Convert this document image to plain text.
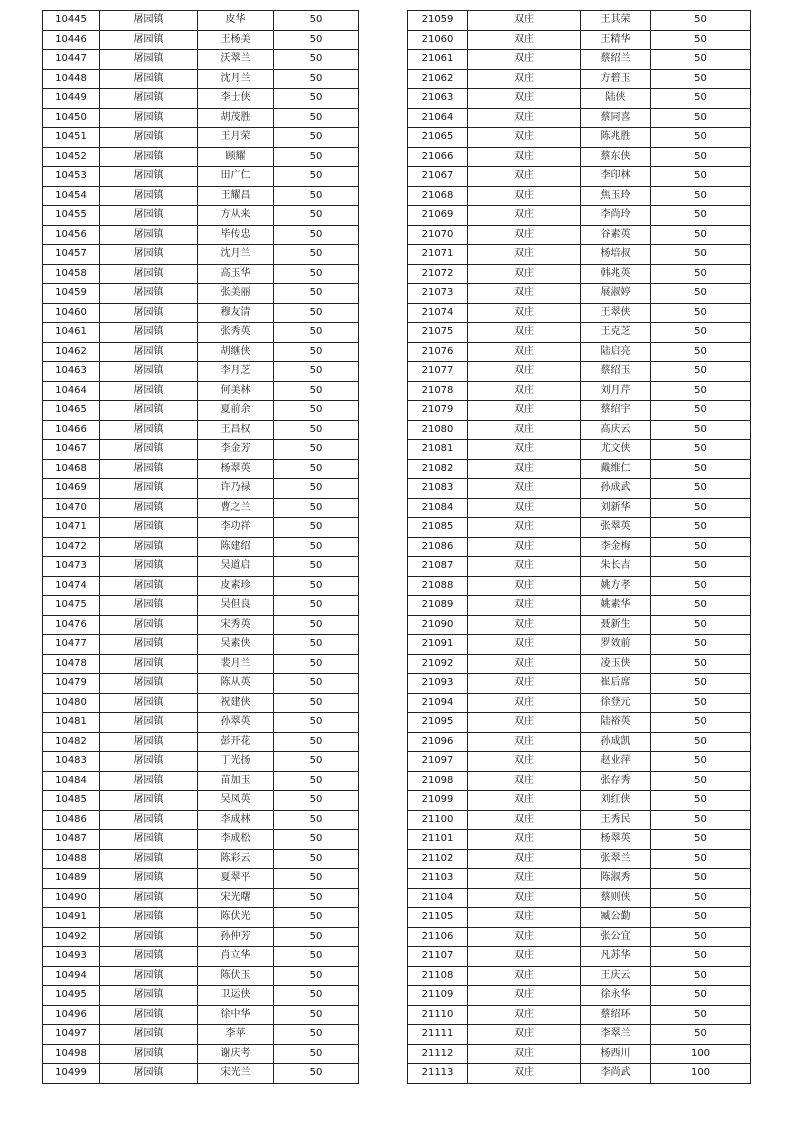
10445	屠园镇	皮华	50
10446	屠园镇	王杨美	50
10447	屠园镇	沃翠兰	50
10448	屠园镇	沈月兰	50
10449	屠园镇	李士侠	50
10450	屠园镇	胡茂胜	50
10451	屠园镇	王月荣	50
10452	屠园镇	顾耀	50
10453	屠园镇	田广仁	50
10454	屠园镇	王耀昌	50
10455	屠园镇	方从来	50
10456	屠园镇	毕传忠	50
10457	屠园镇	沈月兰	50
10458	屠园镇	高玉华	50
10459	屠园镇	张美丽	50
10460	屠园镇	穆友清	50
10461	屠园镇	张秀英	50
10462	屠园镇	胡继侠	50
10463	屠园镇	李月芝	50
10464	屠园镇	何美林	50
10465	屠园镇	夏前余	50
10466	屠园镇	王昌权	50
10467	屠园镇	李金芳	50
10468	屠园镇	杨翠英	50
10469	屠园镇	许乃禄	50
10470	屠园镇	曹之兰	50
10471	屠园镇	李功祥	50
10472	屠园镇	陈建绍	50
10473	屠园镇	吴道启	50
10474	屠园镇	皮素珍	50
10475	屠园镇	吴但良	50
10476	屠园镇	宋秀英	50
10477	屠园镇	吴素侠	50
10478	屠园镇	裴月兰	50
10479	屠园镇	陈从英	50
10480	屠园镇	祝建侠	50
10481	屠园镇	孙翠英	50
10482	屠园镇	彭开花	50
10483	屠园镇	丁光扬	50
10484	屠园镇	苗加玉	50
10485	屠园镇	吴凤英	50
10486	屠园镇	李成林	50
10487	屠园镇	李成松	50
10488	屠园镇	陈彩云	50
10489	屠园镇	夏翠平	50
10490	屠园镇	宋光曙	50
10491	屠园镇	陈伏光	50
10492	屠园镇	孙仲芳	50
10493	屠园镇	肖立华	50
10494	屠园镇	陈伏玉	50
10495	屠园镇	卫运侠	50
10496	屠园镇	徐中华	50
10497	屠园镇	李苹	50
10498	屠园镇	谢庆考	50
10499	屠园镇	宋光兰	50
21059	双庄	王其荣	50
21060	双庄	王精华	50
21061	双庄	蔡绍兰	50
21062	双庄	方碧玉	50
21063	双庄	陆侠	50
21064	双庄	蔡同喜	50
21065	双庄	陈兆胜	50
21066	双庄	蔡东侠	50
21067	双庄	李印林	50
21068	双庄	焦玉玲	50
21069	双庄	李尚玲	50
21070	双庄	谷素英	50
21071	双庄	杨培叔	50
21072	双庄	韩兆英	50
21073	双庄	展淑婷	50
21074	双庄	王翠侠	50
21075	双庄	王克芝	50
21076	双庄	陆启亮	50
21077	双庄	蔡绍玉	50
21078	双庄	刘月芹	50
21079	双庄	蔡绍宇	50
21080	双庄	高庆云	50
21081	双庄	尤文侠	50
21082	双庄	戴维仁	50
21083	双庄	孙成武	50
21084	双庄	刘新华	50
21085	双庄	张翠英	50
21086	双庄	李金梅	50
21087	双庄	朱长吉	50
21088	双庄	姚方孝	50
21089	双庄	姚素华	50
21090	双庄	聂新生	50
21091	双庄	罗效前	50
21092	双庄	凌玉侠	50
21093	双庄	崔后席	50
21094	双庄	徐登元	50
21095	双庄	陆裕英	50
21096	双庄	孙成凯	50
21097	双庄	赵业萍	50
21098	双庄	张存秀	50
21099	双庄	刘红侠	50
21100	双庄	王秀民	50
21101	双庄	杨翠英	50
21102	双庄	张翠兰	50
21103	双庄	陈淑秀	50
21104	双庄	蔡则侠	50
21105	双庄	臧公勤	50
21106	双庄	张公宜	50
21107	双庄	凡苏华	50
21108	双庄	王庆云	50
21109	双庄	徐永华	50
21110	双庄	蔡绍环	50
21111	双庄	李翠兰	50
21112	双庄	杨西川	100
21113	双庄	李尚武	100
